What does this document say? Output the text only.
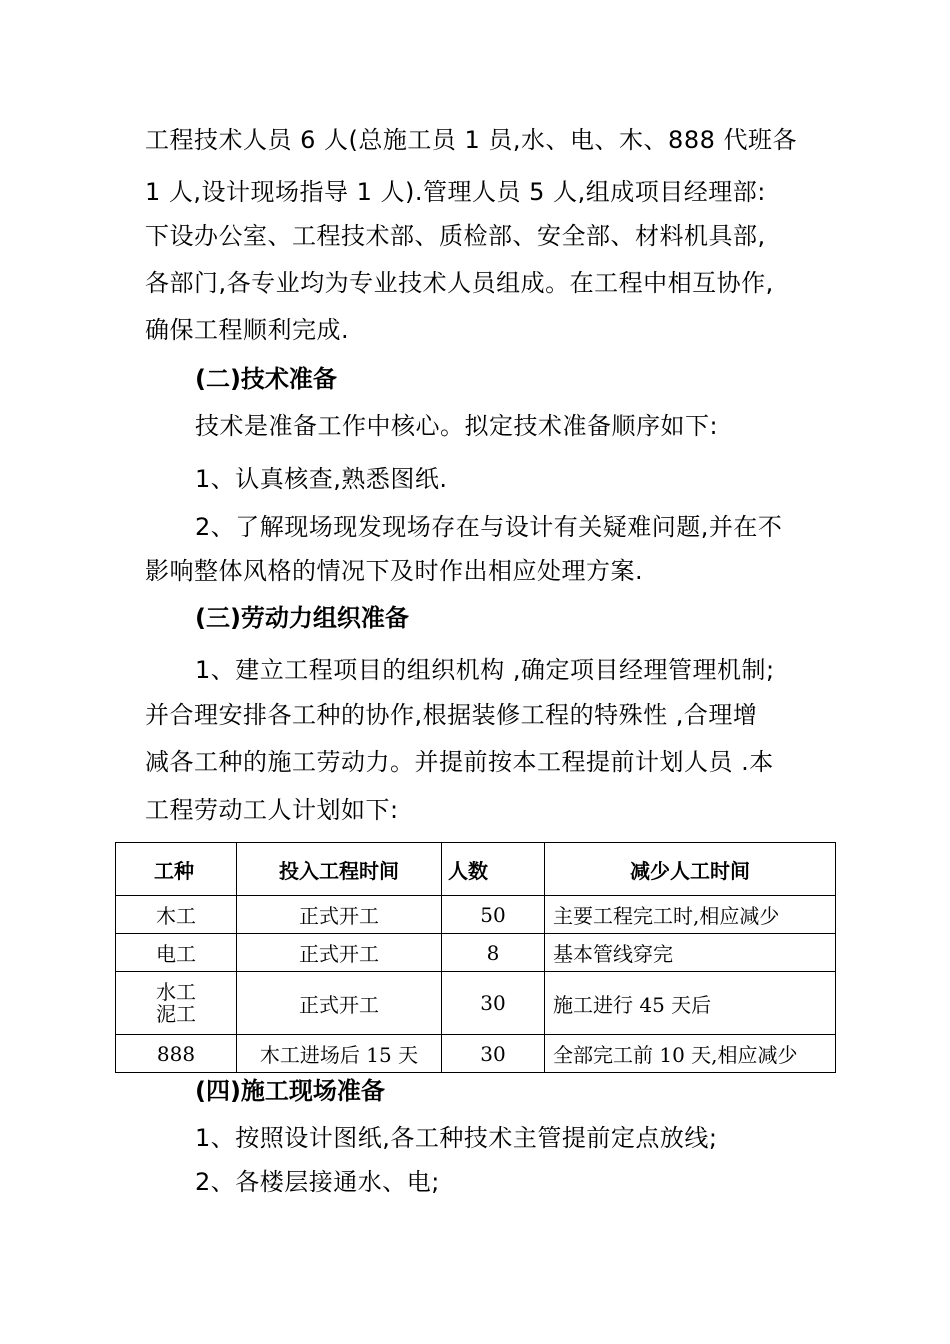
工程技术人员 6 人(总施工员 1 员,水、电、木、888 代班各
1 人,设计现场指导 1 人).管理人员 5 人,组成项目经理部:
下设办公室、工程技术部、质检部、安全部、材料机具部,
各部门,各专业均为专业技术人员组成。在工程中相互协作,
确保工程顺利完成.
(二)技术准备
技术是准备工作中核心。拟定技术准备顺序如下:
1、认真核查,熟悉图纸.
2、了解现场现发现场存在与设计有关疑难问题,并在不
影响整体风格的情况下及时作出相应处理方案.
(三)劳动力组织准备
1、建立工程项目的组织机构 ,确定项目经理管理机制;
并合理安排各工种的协作,根据装修工程的特殊性 ,合理增
减各工种的施工劳动力。并提前按本工程提前计划人员 .本
工程劳动工人计划如下:
工种	投入工程时间	人数	减少人工时间
木工	正式开工	50	主要工程完工时,相应减少
电工	正式开工	8	基本管线穿完
水工
泥工	正式开工	30	施工进行 45 天后
888	木工进场后 15 天	30	全部完工前 10 天,相应减少
(四)施工现场准备
1、按照设计图纸,各工种技术主管提前定点放线;
2、各楼层接通水、电;
